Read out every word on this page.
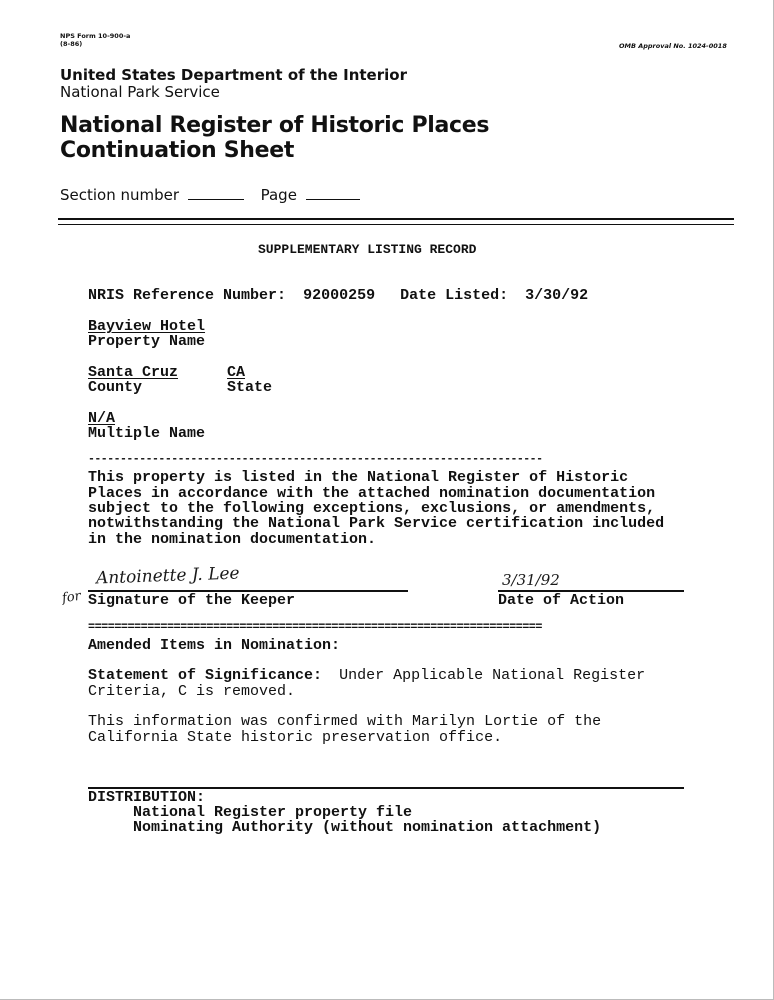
NPS Form 10-900-a
(8-86)	OMB Approval No. 1024-0018
United States Department of the Interior
National Park Service
National Register of Historic Places
Continuation Sheet
Section number	Page
SUPPLEMENTARY LISTING RECORD
NRIS Reference Number: 92000259 Date Listed: 3/30/92
Bayview Hotel
Property Name
Santa Cruz	CA
County	State
N/A
Multiple Name
-----------------------------------------------------------------------
This property is listed in the National Register of Historic
Places in accordance with the attached nomination documentation
subject to the following exceptions, exclusions, or amendments,
notwithstanding the National Park Service certification included
in the nomination documentation.
Antoinette J. Lee
for Signature of the Keeper
3/31/92
Date of Action
=====================================================================
Amended Items in Nomination:
Statement of Significance: Under Applicable National Register
Criteria, C is removed.
This information was confirmed with Marilyn Lortie of the
California State historic preservation office.
DISTRIBUTION:
National Register property file
Nominating Authority (without nomination attachment)
